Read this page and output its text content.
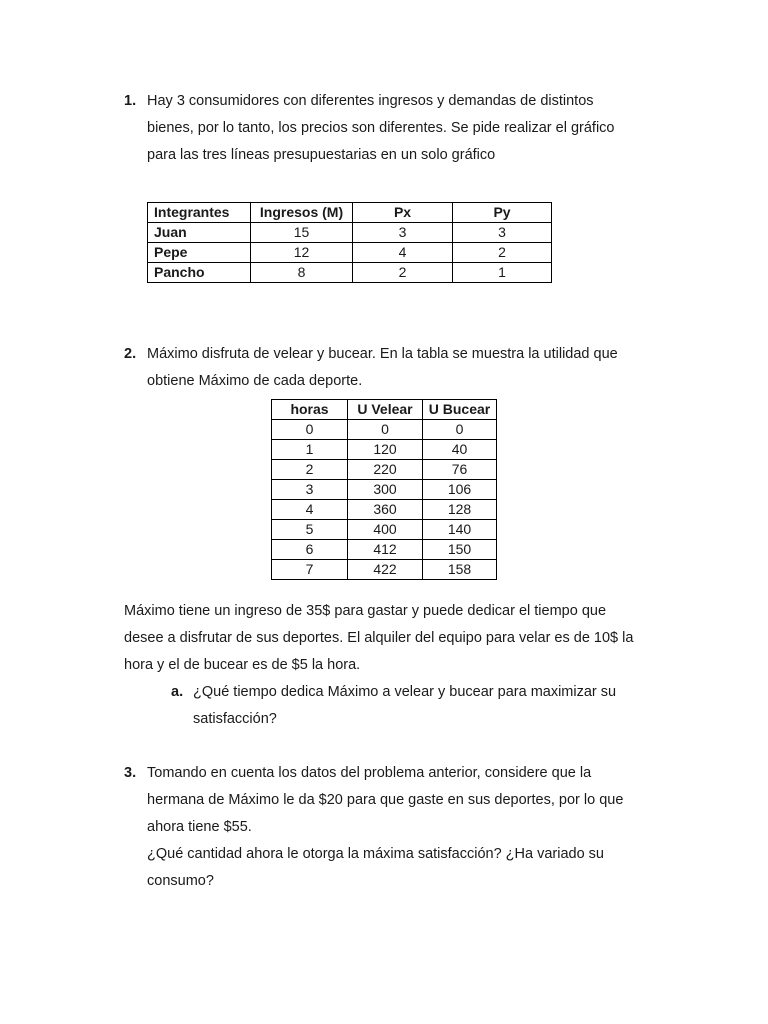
1. Hay 3 consumidores con diferentes ingresos y demandas de distintos
bienes, por lo tanto, los precios son diferentes. Se pide realizar el gráfico
para las tres líneas presupuestarias en un solo gráfico
Integrantes	Ingresos (M)	Px	Py
Juan	15	3	3
Pepe	12	4	2
Pancho	8	2	1
2. Máximo disfruta de velear y bucear. En la tabla se muestra la utilidad que
obtiene Máximo de cada deporte.
horas	U Velear	U Bucear
0	0	0
1	120	40
2	220	76
3	300	106
4	360	128
5	400	140
6	412	150
7	422	158
Máximo tiene un ingreso de 35$ para gastar y puede dedicar el tiempo que
desee a disfrutar de sus deportes. El alquiler del equipo para velar es de 10$ la
hora y el de bucear es de $5 la hora.
a. ¿Qué tiempo dedica Máximo a velear y bucear para maximizar su
satisfacción?
3. Tomando en cuenta los datos del problema anterior, considere que la
hermana de Máximo le da $20 para que gaste en sus deportes, por lo que
ahora tiene $55.
¿Qué cantidad ahora le otorga la máxima satisfacción? ¿Ha variado su
consumo?
